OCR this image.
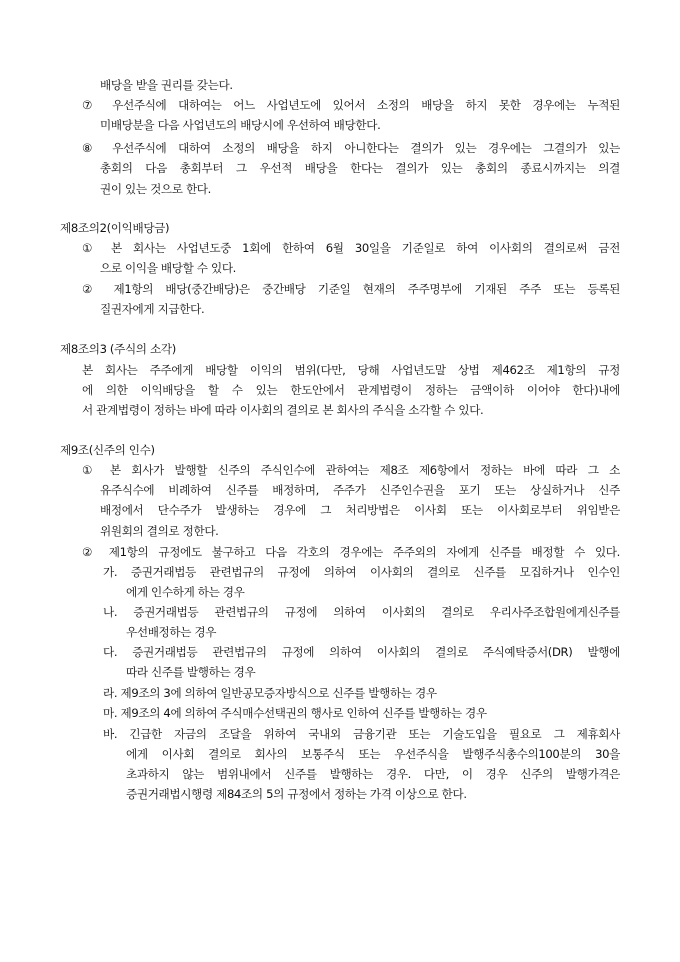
배당을 받을 권리를 갖는다.
⑦ 우선주식에 대하여는 어느 사업년도에 있어서 소정의 배당을 하지 못한 경우에는 누적된
미배당분을 다음 사업년도의 배당시에 우선하여 배당한다.
⑧ 우선주식에 대하여 소정의 배당을 하지 아니한다는 결의가 있는 경우에는 그결의가 있는
총회의 다음 총회부터 그 우선적 배당을 한다는 결의가 있는 총회의 종료시까지는 의결
권이 있는 것으로 한다.
제8조의2(이익배당금)
① 본 회사는 사업년도중 1회에 한하여 6월 30일을 기준일로 하여 이사회의 결의로써 금전
으로 이익을 배당할 수 있다.
② 제1항의 배당(중간배당)은 중간배당 기준일 현재의 주주명부에 기재된 주주 또는 등록된
질권자에게 지급한다.
제8조의3 (주식의 소각)
본 회사는 주주에게 배당할 이익의 범위(다만, 당해 사업년도말 상법 제462조 제1항의 규정
에 의한 이익배당을 할 수 있는 한도안에서 관계법령이 정하는 금액이하 이어야 한다)내에
서 관계법령이 정하는 바에 따라 이사회의 결의로 본 회사의 주식을 소각할 수 있다.
제9조(신주의 인수)
① 본 회사가 발행할 신주의 주식인수에 관하여는 제8조 제6항에서 정하는 바에 따라 그 소
유주식수에 비례하여 신주를 배정하며, 주주가 신주인수권을 포기 또는 상실하거나 신주
배정에서 단수주가 발생하는 경우에 그 처리방법은 이사회 또는 이사회로부터 위임받은
위원회의 결의로 정한다.
② 제1항의 규정에도 불구하고 다음 각호의 경우에는 주주외의 자에게 신주를 배정할 수 있다.
가. 증권거래법등 관련법규의 규정에 의하여 이사회의 결의로 신주를 모집하거나 인수인
에게 인수하게 하는 경우
나. 증권거래법등 관련법규의 규정에 의하여 이사회의 결의로 우리사주조합원에게신주를
우선배정하는 경우
다. 증권거래법등 관련법규의 규정에 의하여 이사회의 결의로 주식예탁증서(DR) 발행에
따라 신주를 발행하는 경우
라. 제9조의 3에 의하여 일반공모증자방식으로 신주를 발행하는 경우
마. 제9조의 4에 의하여 주식매수선택권의 행사로 인하여 신주를 발행하는 경우
바. 긴급한 자금의 조달을 위하여 국내외 금융기관 또는 기술도입을 필요로 그 제휴회사
에게 이사회 결의로 회사의 보통주식 또는 우선주식을 발행주식총수의100분의 30을
초과하지 않는 범위내에서 신주를 발행하는 경우. 다만, 이 경우 신주의 발행가격은
증권거래법시행령 제84조의 5의 규정에서 정하는 가격 이상으로 한다.
